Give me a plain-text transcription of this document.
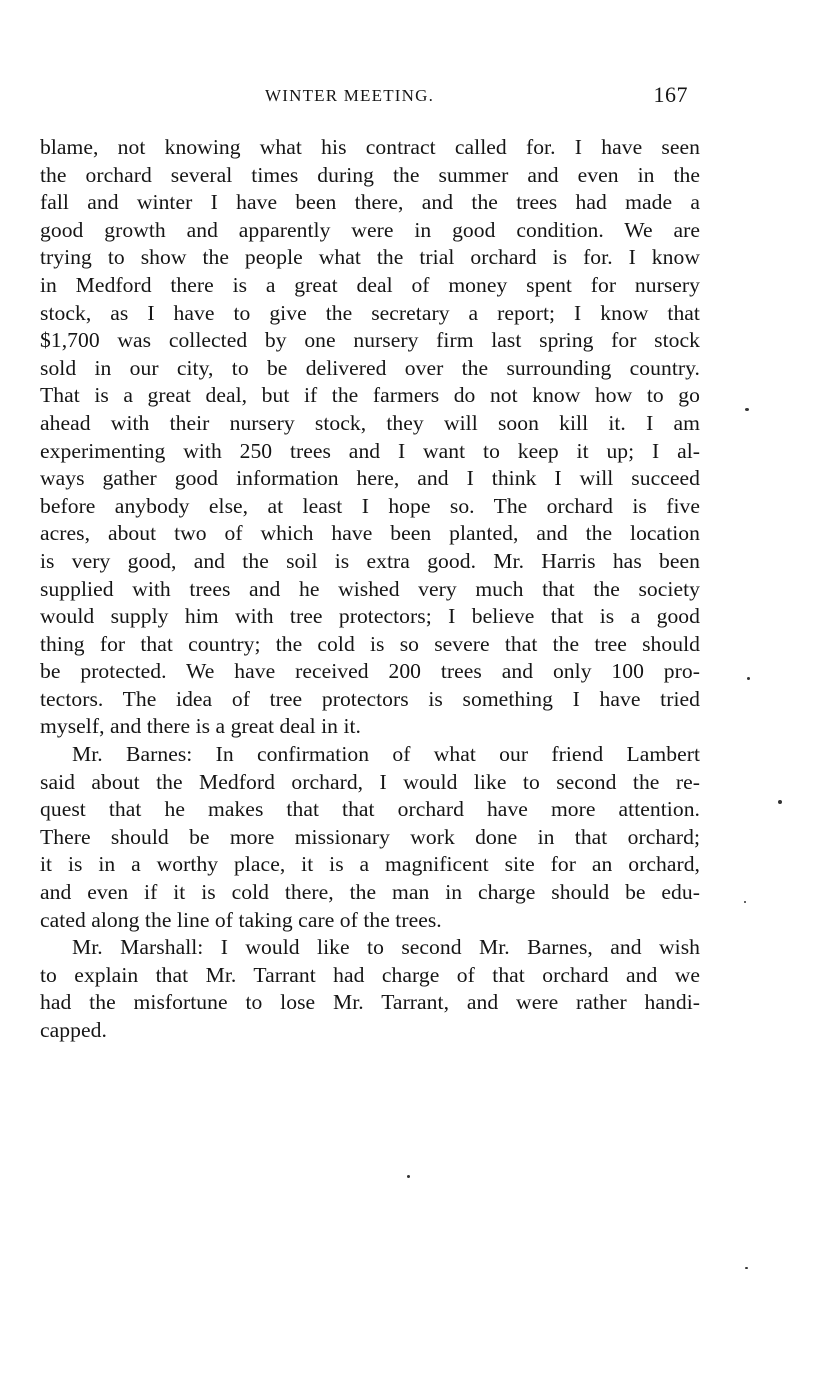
WINTER MEETING.	167

blame, not knowing what his contract called for. I have seen
the orchard several times during the summer and even in the
fall and winter I have been there, and the trees had made a
good growth and apparently were in good condition. We are
trying to show the people what the trial orchard is for. I know
in Medford there is a great deal of money spent for nursery
stock, as I have to give the secretary a report; I know that
$1,700 was collected by one nursery firm last spring for stock
sold in our city, to be delivered over the surrounding country.
That is a great deal, but if the farmers do not know how to go
ahead with their nursery stock, they will soon kill it. I am
experimenting with 250 trees and I want to keep it up; I al-
ways gather good information here, and I think I will succeed
before anybody else, at least I hope so. The orchard is five
acres, about two of which have been planted, and the location
is very good, and the soil is extra good. Mr. Harris has been
supplied with trees and he wished very much that the society
would supply him with tree protectors; I believe that is a good
thing for that country; the cold is so severe that the tree should
be protected. We have received 200 trees and only 100 pro-
tectors. The idea of tree protectors is something I have tried
myself, and there is a great deal in it.

Mr. Barnes: In confirmation of what our friend Lambert
said about the Medford orchard, I would like to second the re-
quest that he makes that that orchard have more attention.
There should be more missionary work done in that orchard;
it is in a worthy place, it is a magnificent site for an orchard,
and even if it is cold there, the man in charge should be edu-
cated along the line of taking care of the trees.

Mr. Marshall: I would like to second Mr. Barnes, and wish
to explain that Mr. Tarrant had charge of that orchard and we
had the misfortune to lose Mr. Tarrant, and were rather handi-
capped.
